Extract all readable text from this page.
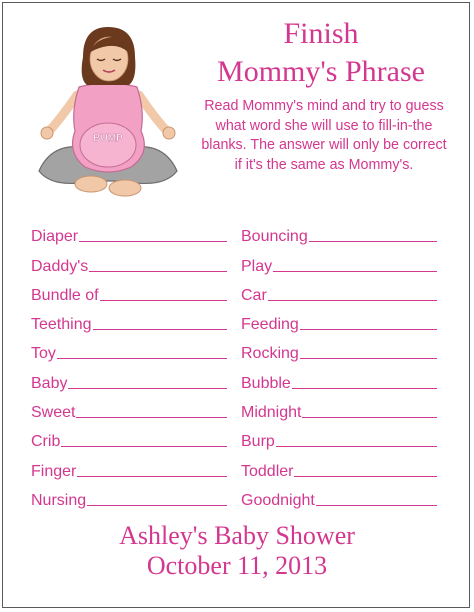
BUMP
Finish
Mommy's Phrase

Read Mommy's mind and try to guess what word she will use to fill-in-the blanks. The answer will only be correct if it's the same as Mommy's.

Diaper
Daddy's
Bundle of
Teething
Toy
Baby
Sweet
Crib
Finger
Nursing
Bouncing
Play
Car
Feeding
Rocking
Bubble
Midnight
Burp
Toddler
Goodnight
Ashley's Baby Shower
October 11, 2013
